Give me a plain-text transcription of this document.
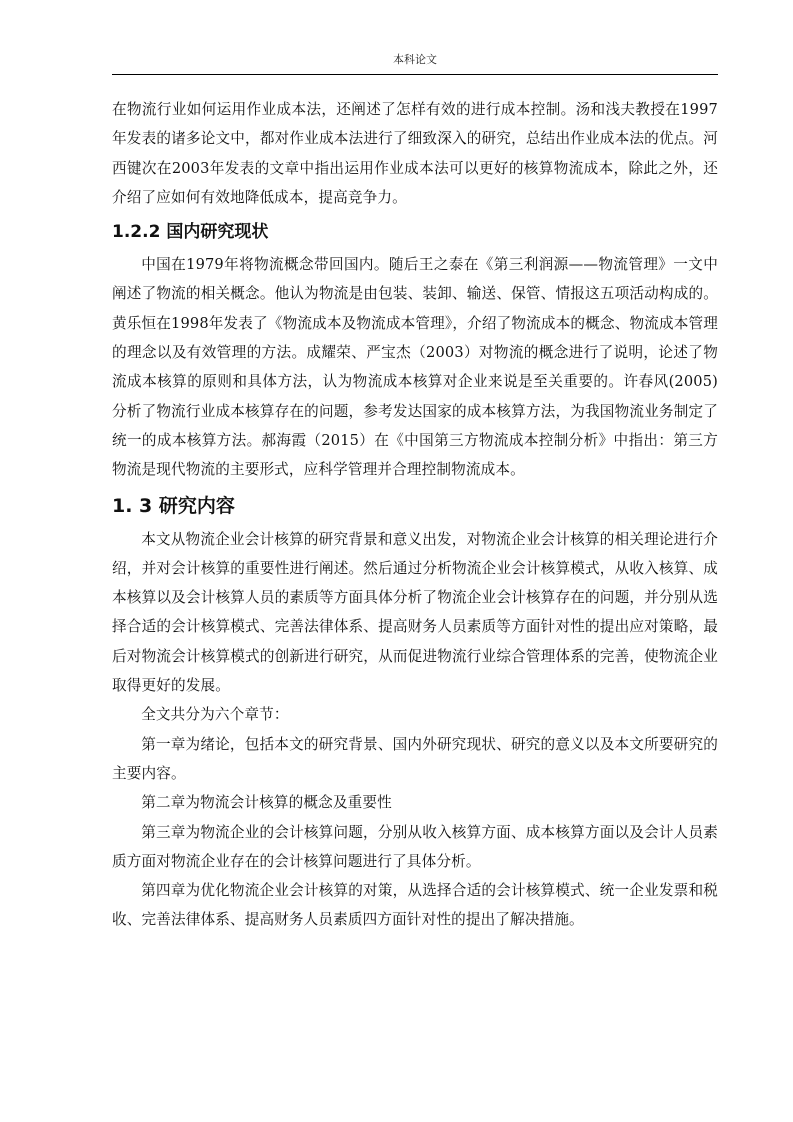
本科论文

在物流行业如何运用作业成本法，还阐述了怎样有效的进行成本控制。汤和浅夫教授在1997年发表的诸多论文中，都对作业成本法进行了细致深入的研究，总结出作业成本法的优点。河西键次在2003年发表的文章中指出运用作业成本法可以更好的核算物流成本，除此之外，还介绍了应如何有效地降低成本，提高竞争力。

1.2.2 国内研究现状

中国在1979年将物流概念带回国内。随后王之泰在《第三利润源——物流管理》一文中阐述了物流的相关概念。他认为物流是由包装、装卸、输送、保管、情报这五项活动构成的。黄乐恒在1998年发表了《物流成本及物流成本管理》，介绍了物流成本的概念、物流成本管理的理念以及有效管理的方法。成耀荣、严宝杰（2003）对物流的概念进行了说明，论述了物流成本核算的原则和具体方法，认为物流成本核算对企业来说是至关重要的。许春风(2005)分析了物流行业成本核算存在的问题，参考发达国家的成本核算方法，为我国物流业务制定了统一的成本核算方法。郝海霞（2015）在《中国第三方物流成本控制分析》中指出：第三方物流是现代物流的主要形式，应科学管理并合理控制物流成本。

1. 3 研究内容

本文从物流企业会计核算的研究背景和意义出发，对物流企业会计核算的相关理论进行介绍，并对会计核算的重要性进行阐述。然后通过分析物流企业会计核算模式，从收入核算、成本核算以及会计核算人员的素质等方面具体分析了物流企业会计核算存在的问题，并分别从选择合适的会计核算模式、完善法律体系、提高财务人员素质等方面针对性的提出应对策略，最后对物流会计核算模式的创新进行研究，从而促进物流行业综合管理体系的完善，使物流企业取得更好的发展。

全文共分为六个章节：

第一章为绪论，包括本文的研究背景、国内外研究现状、研究的意义以及本文所要研究的主要内容。

第二章为物流会计核算的概念及重要性

第三章为物流企业的会计核算问题，分别从收入核算方面、成本核算方面以及会计人员素质方面对物流企业存在的会计核算问题进行了具体分析。

第四章为优化物流企业会计核算的对策，从选择合适的会计核算模式、统一企业发票和税收、完善法律体系、提高财务人员素质四方面针对性的提出了解决措施。
